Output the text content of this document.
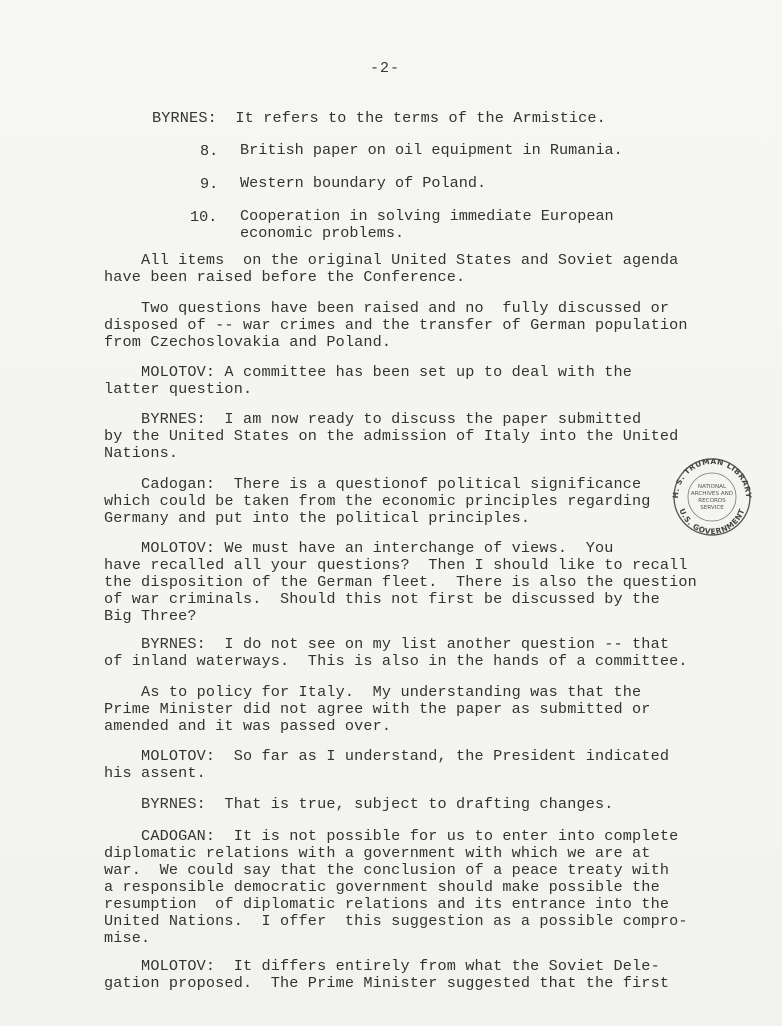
-2-
BYRNES: It refers to the terms of the Armistice.
8. British paper on oil equipment in Rumania.
9. Western boundary of Poland.
10. Cooperation in solving immediate European
economic problems.
All items  on the original United States and Soviet agenda
have been raised before the Conference.
Two questions have been raised and no  fully discussed or
disposed of -- war crimes and the transfer of German population
from Czechoslovakia and Poland.
MOLOTOV: A committee has been set up to deal with the
latter question.
BYRNES:  I am now ready to discuss the paper submitted
by the United States on the admission of Italy into the United
Nations.
Cadogan:  There is a questionof political significance
which could be taken from the economic principles regarding
Germany and put into the political principles.
MOLOTOV: We must have an interchange of views.  You
have recalled all your questions?  Then I should like to recall
the disposition of the German fleet.  There is also the question
of war criminals.  Should this not first be discussed by the
Big Three?
BYRNES:  I do not see on my list another question -- that
of inland waterways.  This is also in the hands of a committee.
As to policy for Italy.  My understanding was that the
Prime Minister did not agree with the paper as submitted or
amended and it was passed over.
MOLOTOV:  So far as I understand, the President indicated
his assent.
BYRNES:  That is true, subject to drafting changes.
CADOGAN:  It is not possible for us to enter into complete
diplomatic relations with a government with which we are at
war.  We could say that the conclusion of a peace treaty with
a responsible democratic government should make possible the
resumption  of diplomatic relations and its entrance into the
United Nations.  I offer  this suggestion as a possible compro-
mise.
MOLOTOV:  It differs entirely from what the Soviet Dele-
gation proposed.  The Prime Minister suggested that the first
H. S. TRUMAN LIBRARY
U.S. GOVERNMENT
NATIONAL
ARCHIVES AND
RECORDS
SERVICE
